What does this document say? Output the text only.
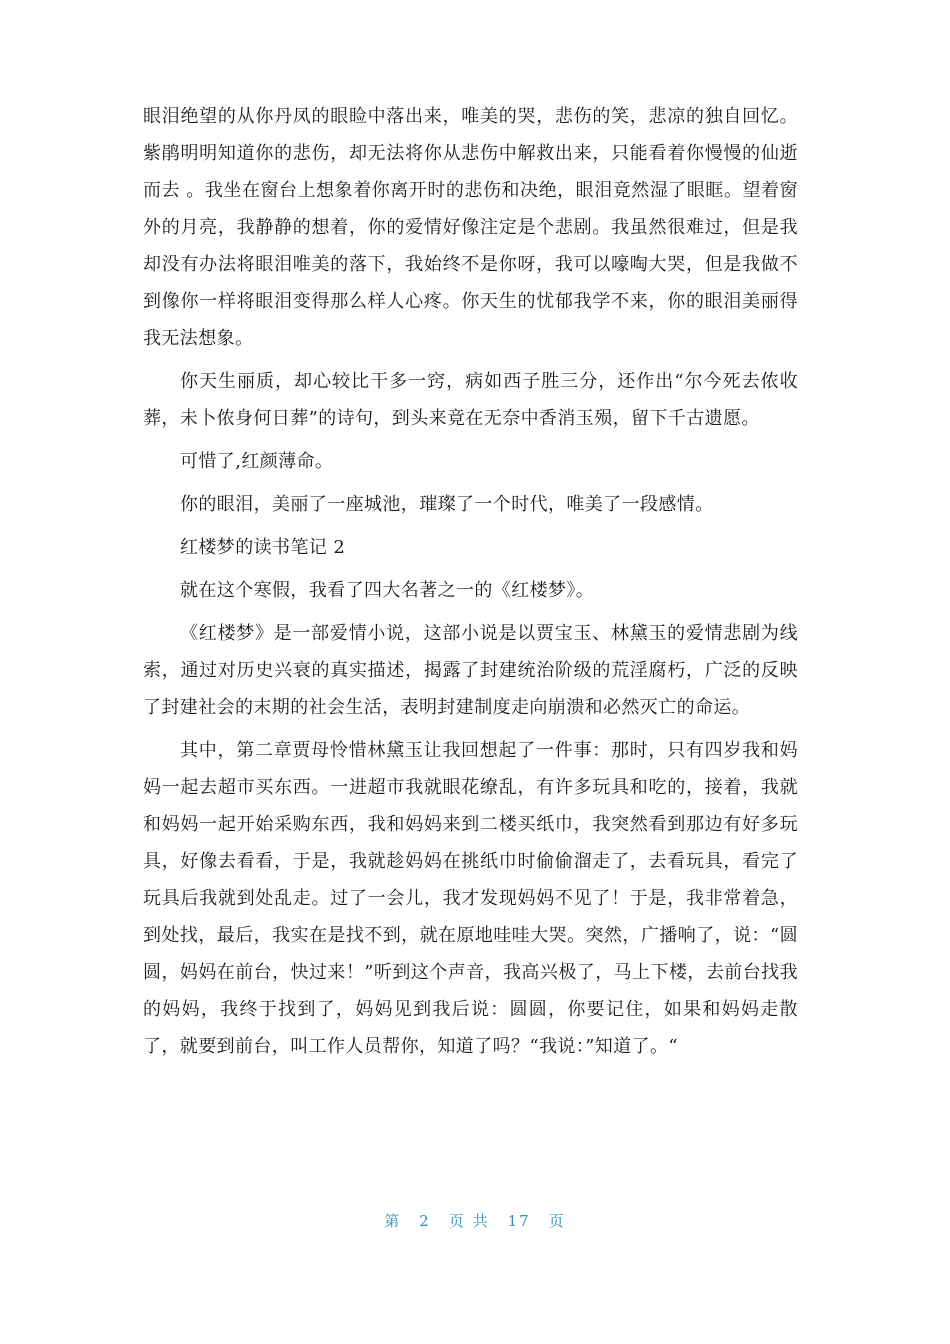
眼泪绝望的从你丹凤的眼睑中落出来，唯美的哭，悲伤的笑，悲凉的独自回忆。紫鹃明明知道你的悲伤，却无法将你从悲伤中解救出来，只能看着你慢慢的仙逝而去 。我坐在窗台上想象着你离开时的悲伤和决绝，眼泪竟然湿了眼眶。望着窗外的月亮，我静静的想着，你的爱情好像注定是个悲剧。我虽然很难过，但是我却没有办法将眼泪唯美的落下，我始终不是你呀，我可以嚎啕大哭，但是我做不到像你一样将眼泪变得那么样人心疼。你天生的忧郁我学不来，你的眼泪美丽得我无法想象。

你天生丽质，却心较比干多一窍，病如西子胜三分，还作出“尔今死去侬收葬，未卜侬身何日葬”的诗句，到头来竟在无奈中香消玉殒，留下千古遗愿。

可惜了,红颜薄命。

你的眼泪，美丽了一座城池，璀璨了一个时代，唯美了一段感情。

红楼梦的读书笔记 2

就在这个寒假，我看了四大名著之一的《红楼梦》。

《红楼梦》是一部爱情小说，这部小说是以贾宝玉、林黛玉的爱情悲剧为线索，通过对历史兴衰的真实描述，揭露了封建统治阶级的荒淫腐朽，广泛的反映了封建社会的末期的社会生活，表明封建制度走向崩溃和必然灭亡的命运。

其中，第二章贾母怜惜林黛玉让我回想起了一件事：那时，只有四岁我和妈妈一起去超市买东西。一进超市我就眼花缭乱，有许多玩具和吃的，接着，我就和妈妈一起开始采购东西，我和妈妈来到二楼买纸巾，我突然看到那边有好多玩具，好像去看看，于是，我就趁妈妈在挑纸巾时偷偷溜走了，去看玩具，看完了玩具后我就到处乱走。过了一会儿，我才发现妈妈不见了！于是，我非常着急，到处找，最后，我实在是找不到，就在原地哇哇大哭。突然，广播响了，说：“圆圆，妈妈在前台，快过来！”听到这个声音，我高兴极了，马上下楼，去前台找我的妈妈，我终于找到了，妈妈见到我后说：圆圆，你要记住，如果和妈妈走散了，就要到前台，叫工作人员帮你，知道了吗？“我说：”知道了。“

第 2 页 共 17 页
